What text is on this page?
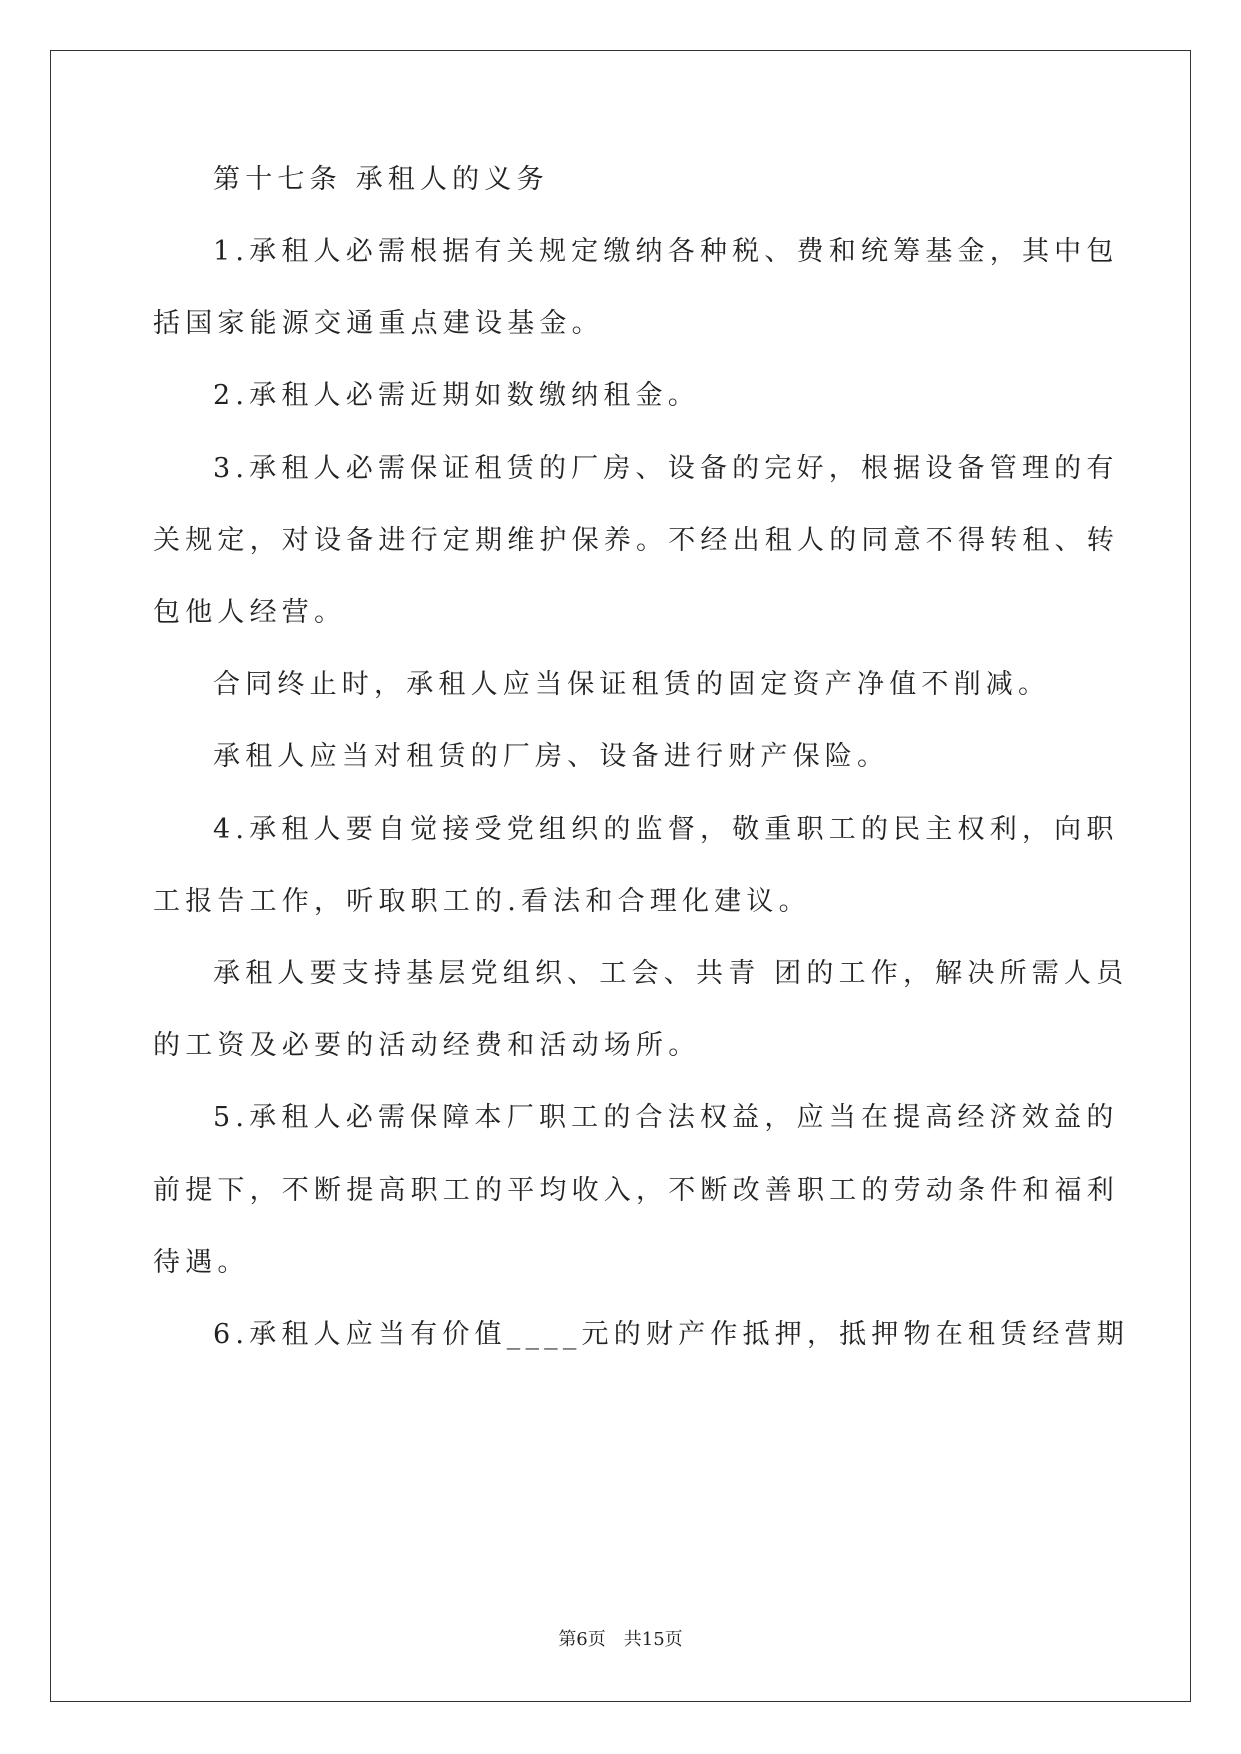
第十七条 承租人的义务
1.承租人必需根据有关规定缴纳各种税、费和统筹基金，其中包
括国家能源交通重点建设基金。
2.承租人必需近期如数缴纳租金。
3.承租人必需保证租赁的厂房、设备的完好，根据设备管理的有
关规定，对设备进行定期维护保养。不经出租人的同意不得转租、转
包他人经营。
合同终止时，承租人应当保证租赁的固定资产净值不削减。
承租人应当对租赁的厂房、设备进行财产保险。
4.承租人要自觉接受党组织的监督，敬重职工的民主权利，向职
工报告工作，听取职工的.看法和合理化建议。
承租人要支持基层党组织、工会、共青 团的工作，解决所需人员
的工资及必要的活动经费和活动场所。
5.承租人必需保障本厂职工的合法权益，应当在提高经济效益的
前提下，不断提高职工的平均收入，不断改善职工的劳动条件和福利
待遇。
6.承租人应当有价值____元的财产作抵押，抵押物在租赁经营期
第6页 共15页
